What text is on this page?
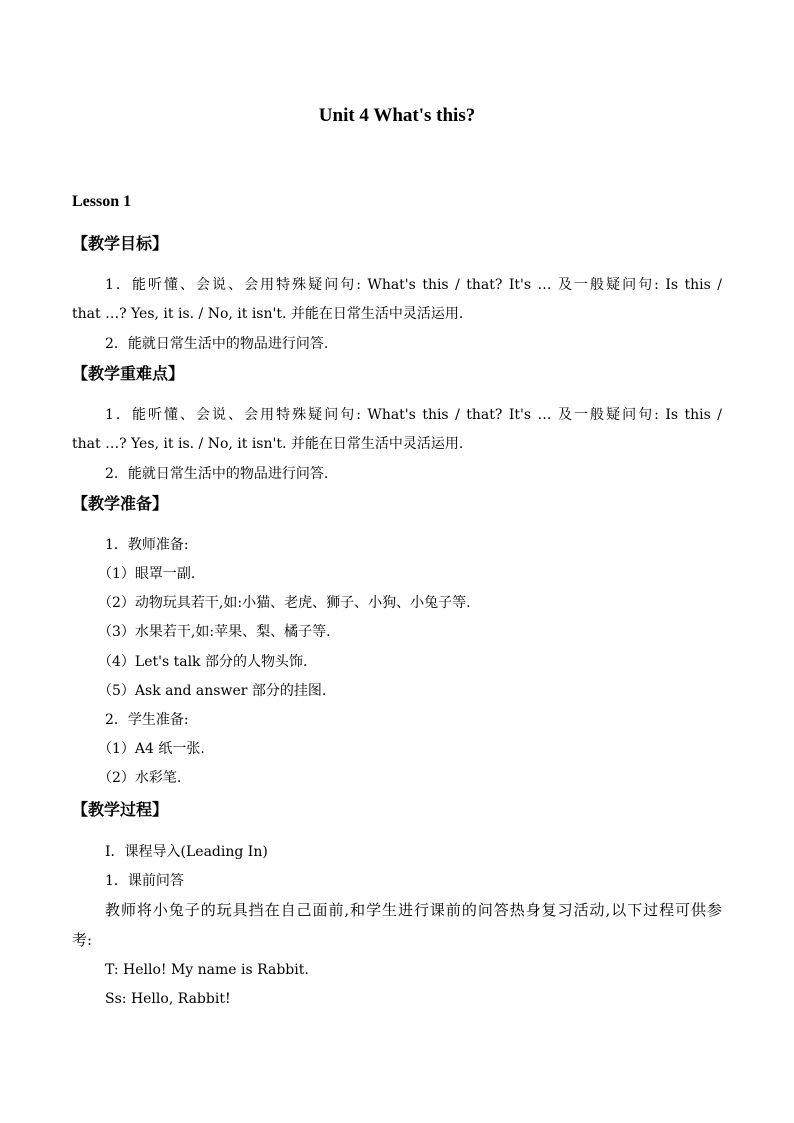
Unit 4 What's this?
Lesson 1
【教学目标】
1．能听懂、会说、会用特殊疑问句: What's this / that? It's … 及一般疑问句: Is this /
that …? Yes, it is. / No, it isn't. 并能在日常生活中灵活运用.
2．能就日常生活中的物品进行问答.
【教学重难点】
1．能听懂、会说、会用特殊疑问句: What's this / that? It's … 及一般疑问句: Is this /
that …? Yes, it is. / No, it isn't. 并能在日常生活中灵活运用.
2．能就日常生活中的物品进行问答.
【教学准备】
1．教师准备:
（1）眼罩一副.
（2）动物玩具若干,如:小猫、老虎、狮子、小狗、小兔子等.
（3）水果若干,如:苹果、梨、橘子等.
（4）Let's talk 部分的人物头饰.
（5）Ask and answer 部分的挂图.
2．学生准备:
（1）A4 纸一张.
（2）水彩笔.
【教学过程】
Ⅰ．课程导入(Leading In)
1．课前问答
教师将小兔子的玩具挡在自己面前,和学生进行课前的问答热身复习活动,以下过程可供参
考:
T: Hello! My name is Rabbit.
Ss: Hello, Rabbit!
